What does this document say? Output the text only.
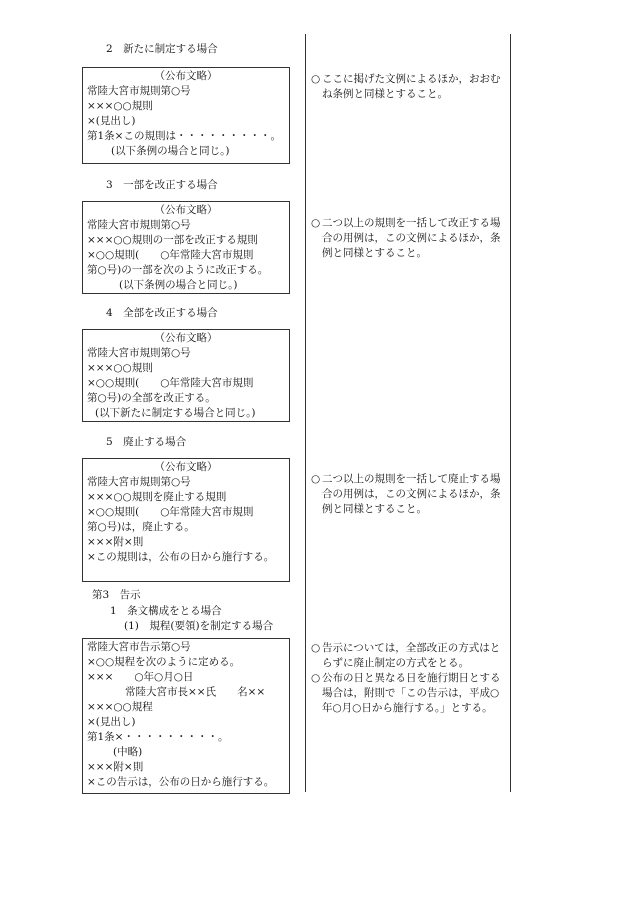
2　新たに制定する場合
（公布文略）
常陸大宮市規則第○号
×××○○規則
×(見出し)
第1条×この規則は・・・・・・・・・。
(以下条例の場合と同じ。)
○ ここに掲げた文例によるほか，おおむね条例と同様とすること。
3　一部を改正する場合
（公布文略）
常陸大宮市規則第○号
×××○○規則の一部を改正する規則
×○○規則(　　○年常陸大宮市規則
第○号)の一部を次のように改正する。
(以下条例の場合と同じ。)
○ 二つ以上の規則を一括して改正する場合の用例は，この文例によるほか，条例と同様とすること。
4　全部を改正する場合
（公布文略）
常陸大宮市規則第○号
×××○○規則
×○○規則(　　○年常陸大宮市規則
第○号)の全部を改正する。
(以下新たに制定する場合と同じ。)
5　廃止する場合
（公布文略）
常陸大宮市規則第○号
×××○○規則を廃止する規則
×○○規則(　　○年常陸大宮市規則
第○号)は，廃止する。
×××附×則
×この規則は，公布の日から施行する。
○ 二つ以上の規則を一括して廃止する場合の用例は，この文例によるほか，条例と同様とすること。
第3　告示
1　条文構成をとる場合
(1)　規程(要領)を制定する場合
常陸大宮市告示第○号
×○○規程を次のように定める。
×××　　○年○月○日
常陸大宮市長××氏　　名××
×××○○規程
×(見出し)
第1条×・・・・・・・・・。
(中略)
×××附×則
×この告示は，公布の日から施行する。
○ 告示については，全部改正の方式はとらずに廃止制定の方式をとる。
○ 公布の日と異なる日を施行期日とする場合は，附則で「この告示は，平成○年○月○日から施行する。」とする。
